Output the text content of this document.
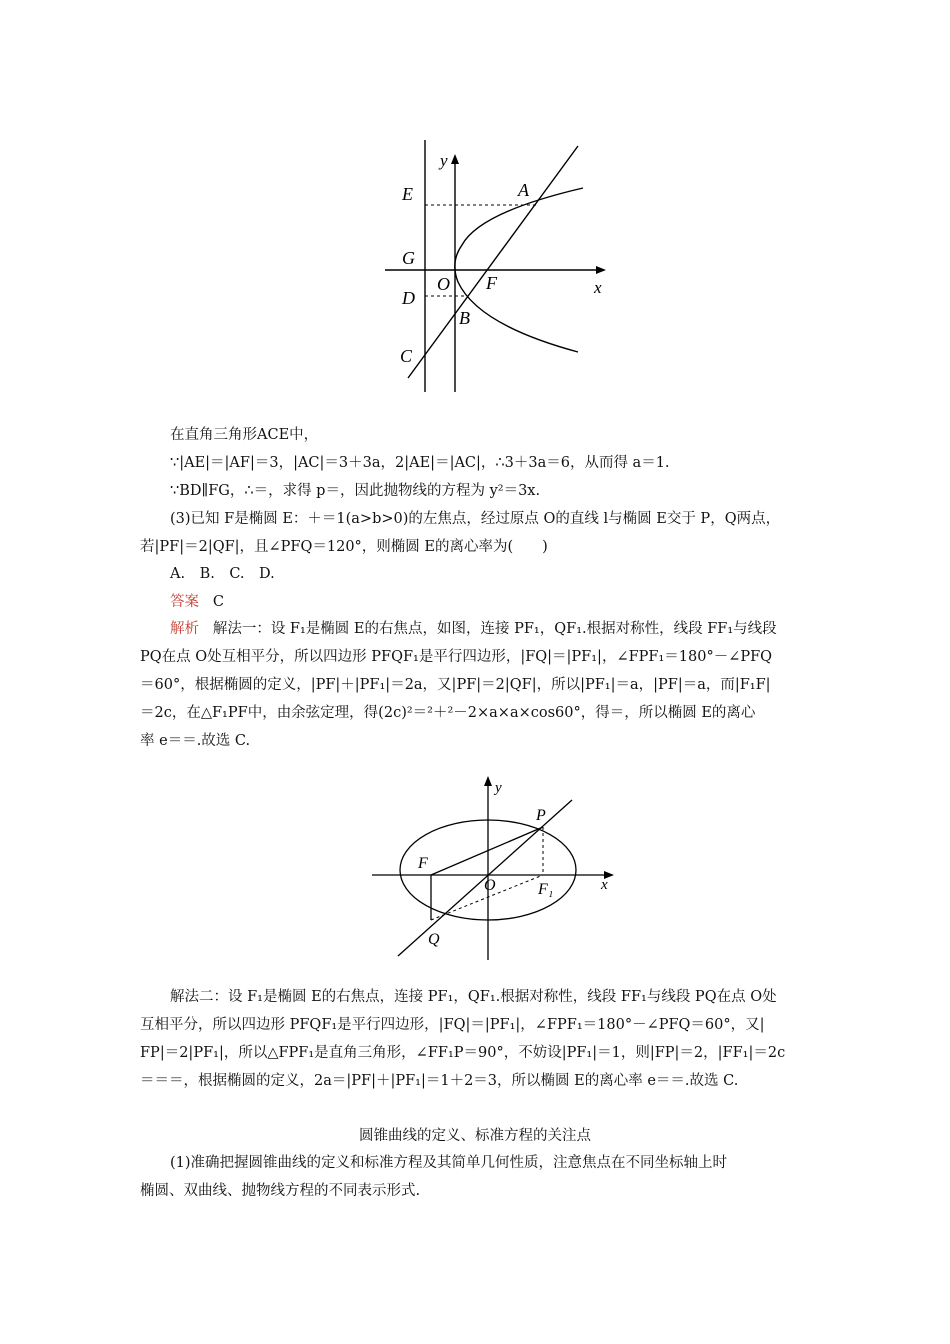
y
E	A
G
O F	x
D
B
C
在直角三角形ACE中，
∵|AE|＝|AF|＝3，|AC|＝3＋3a，2|AE|＝|AC|，∴3＋3a＝6，从而得 a＝1.
∵BD∥FG，∴＝，求得 p＝，因此抛物线的方程为 y²＝3x.
(3)已知 F是椭圆 E：＋＝1(a>b>0)的左焦点，经过原点 O的直线 l与椭圆 E交于 P，Q两点，
若|PF|＝2|QF|，且∠PFQ＝120°，则椭圆 E的离心率为(　　)
A.　B.　C.　D.
答案 C
解析 解法一：设 F₁是椭圆 E的右焦点，如图，连接 PF₁，QF₁.根据对称性，线段 FF₁与线段
PQ在点 O处互相平分，所以四边形 PFQF₁是平行四边形，|FQ|＝|PF₁|，∠FPF₁＝180°－∠PFQ
＝60°，根据椭圆的定义，|PF|＋|PF₁|＝2a，又|PF|＝2|QF|，所以|PF₁|＝a，|PF|＝a，而|F₁F|
＝2c，在△F₁PF中，由余弦定理，得(2c)²＝²＋²－2×a×a×cos60°，得＝，所以椭圆 E的离心
率 e＝＝.故选 C.
y
P
F
O	F₁	x
Q
解法二：设 F₁是椭圆 E的右焦点，连接 PF₁，QF₁.根据对称性，线段 FF₁与线段 PQ在点 O处
互相平分，所以四边形 PFQF₁是平行四边形，|FQ|＝|PF₁|，∠FPF₁＝180°－∠PFQ＝60°，又|
FP|＝2|PF₁|，所以△FPF₁是直角三角形，∠FF₁P＝90°，不妨设|PF₁|＝1，则|FP|＝2，|FF₁|＝2c
＝＝＝，根据椭圆的定义，2a＝|PF|＋|PF₁|＝1＋2＝3，所以椭圆 E的离心率 e＝＝.故选 C.
圆锥曲线的定义、标准方程的关注点
(1)准确把握圆锥曲线的定义和标准方程及其简单几何性质，注意焦点在不同坐标轴上时
椭圆、双曲线、抛物线方程的不同表示形式.
